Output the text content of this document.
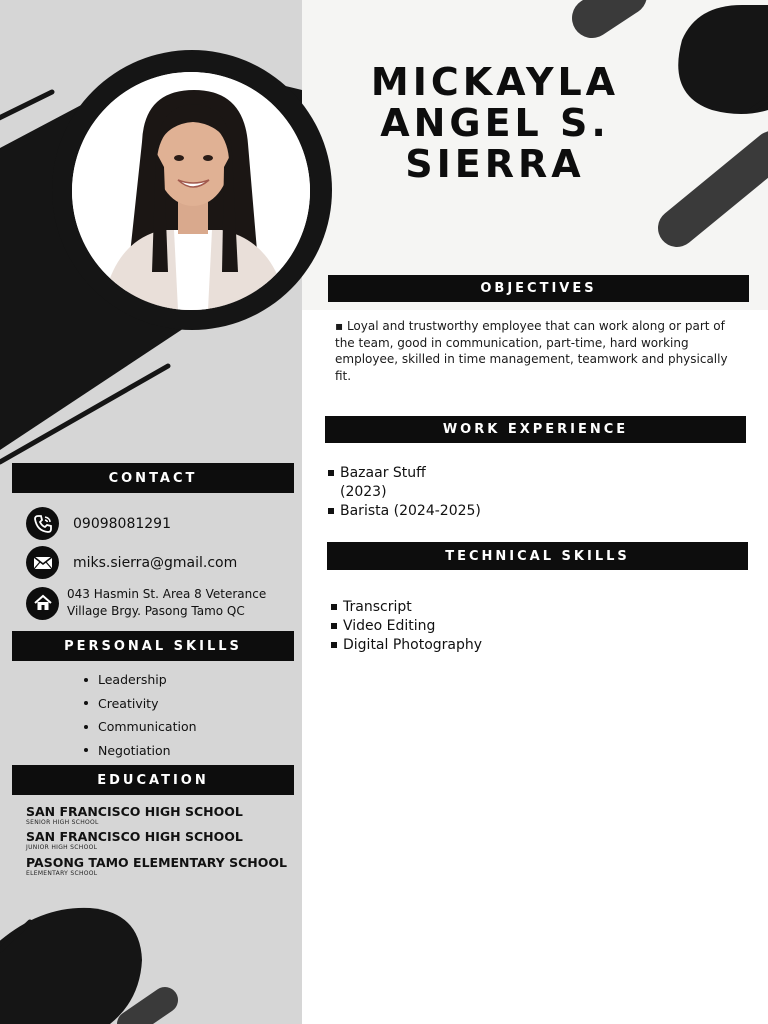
MICKAYLA
ANGEL S.
SIERRA
CONTACT
09098081291
miks.sierra@gmail.com
043 Hasmin St. Area 8 Veterance
Village Brgy. Pasong Tamo QC
PERSONAL SKILLS
Leadership
Creativity
Communication
Negotiation
EDUCATION
SAN FRANCISCO HIGH SCHOOL
SENIOR HIGH SCHOOL
SAN FRANCISCO HIGH SCHOOL
JUNIOR HIGH SCHOOL
PASONG TAMO ELEMENTARY SCHOOL
ELEMENTARY SCHOOL
OBJECTIVES
▪ Loyal and trustworthy employee that can work along or part of
the team, good in communication, part-time, hard working
employee, skilled in time management, teamwork and physically
fit.
WORK EXPERIENCE
Bazaar Stuff
(2023)
Barista (2024-2025)
TECHNICAL SKILLS
Transcript
Video Editing
Digital Photography
